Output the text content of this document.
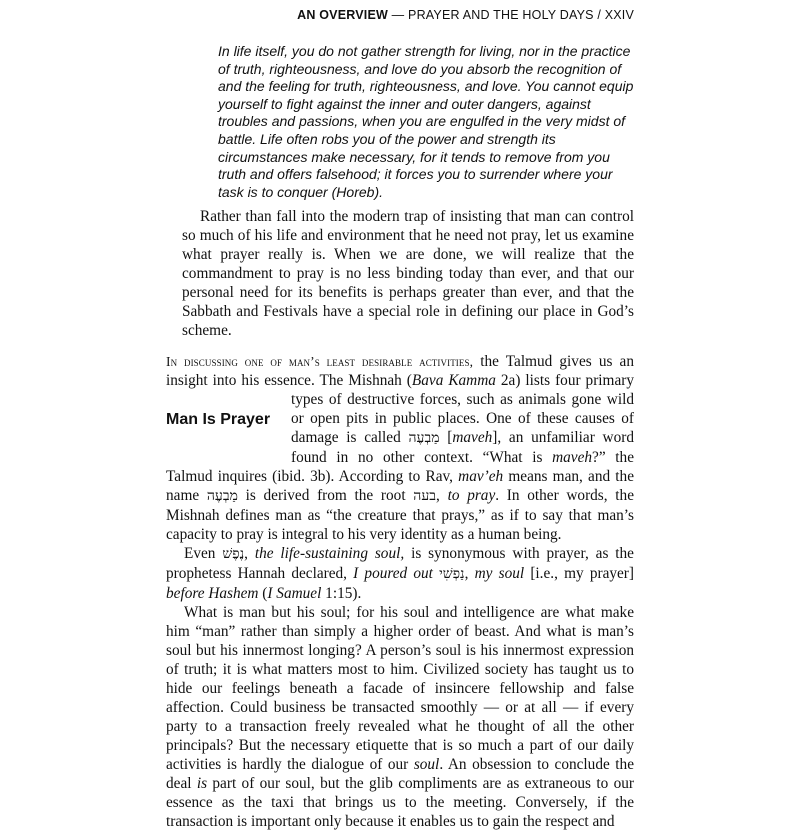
AN OVERVIEW — PRAYER AND THE HOLY DAYS / XXIV

In life itself, you do not gather strength for living, nor in the practice of truth, righteousness, and love do you absorb the recognition of and the feeling for truth, righteousness, and love. You cannot equip yourself to fight against the inner and outer dangers, against troubles and passions, when you are engulfed in the very midst of battle. Life often robs you of the power and strength its circumstances make necessary, for it tends to remove from you truth and offers falsehood; it forces you to surrender where your task is to conquer (Horeb).

Rather than fall into the modern trap of insisting that man can control so much of his life and environment that he need not pray, let us examine what prayer really is. When we are done, we will realize that the commandment to pray is no less binding today than ever, and that our personal need for its benefits is perhaps greater than ever, and that the Sabbath and Festivals have a special role in defining our place in God’s scheme.

In discussing one of man’s least desirable activities, the Talmud gives us an insight into his essence. The Mishnah (Bava Kamma 2a) lists four
Man Is Prayer
primary types of destructive forces, such as animals gone wild or open pits in public places. One of these causes of damage is called מַבְעֶה [maveh], an unfamiliar word found in no other context. “What is maveh?” the Talmud inquires (ibid. 3b). According to Rav, mav’eh means man, and the name מַבְעֶה is derived from the root בעה, to pray. In other words, the Mishnah defines man as “the creature that prays,” as if to say that man’s capacity to pray is integral to his very identity as a human being.

Even נֶפֶשׁ, the life-sustaining soul, is synonymous with prayer, as the prophetess Hannah declared, I poured out נַפְשִׁי, my soul [i.e., my prayer] before Hashem (I Samuel 1:15).

What is man but his soul; for his soul and intelligence are what make him “man” rather than simply a higher order of beast. And what is man’s soul but his innermost longing? A person’s soul is his innermost expression of truth; it is what matters most to him. Civilized society has taught us to hide our feelings beneath a facade of insincere fellowship and false affection. Could business be transacted smoothly — or at all — if every party to a transaction freely revealed what he thought of all the other principals? But the necessary etiquette that is so much a part of our daily activities is hardly the dialogue of our soul. An obsession to conclude the deal is part of our soul, but the glib compliments are as extraneous to our essence as the taxi that brings us to the meeting. Conversely, if the transaction is important only because it enables us to gain the respect and
